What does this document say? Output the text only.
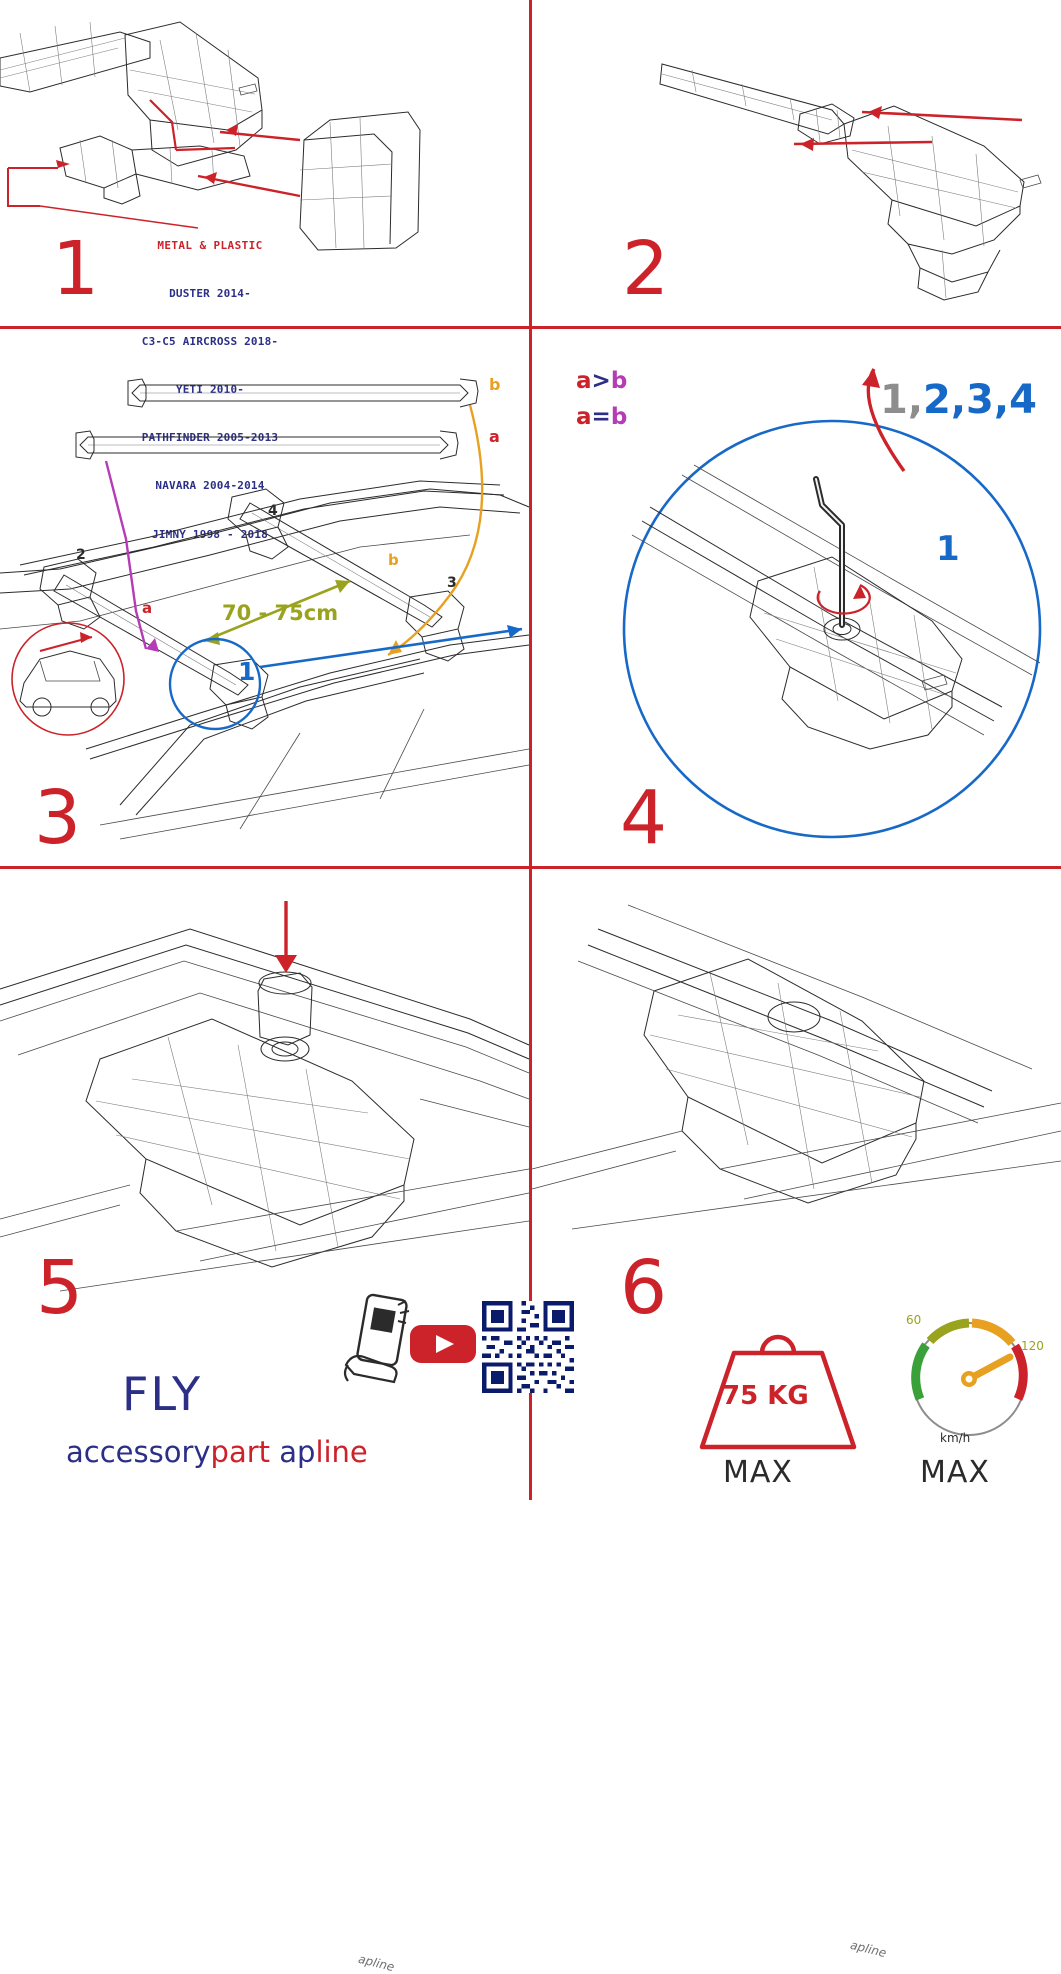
METAL & PLASTIC

DUSTER 2014-

C3-C5 AIRCROSS 2018-

YETI 2010-

PATHFINDER 2005-2013

NAVARA 2004-2014

JIMNY 1998 - 2018

1	2
b
a
b
a	70 - 75cm
1
2
3
4
3
a>b
a=b	1,2,3,4
1
4
apline
5
FLY
accessorypart apline
apline
6
75 KG
MAX
60
120
km/h
MAX
